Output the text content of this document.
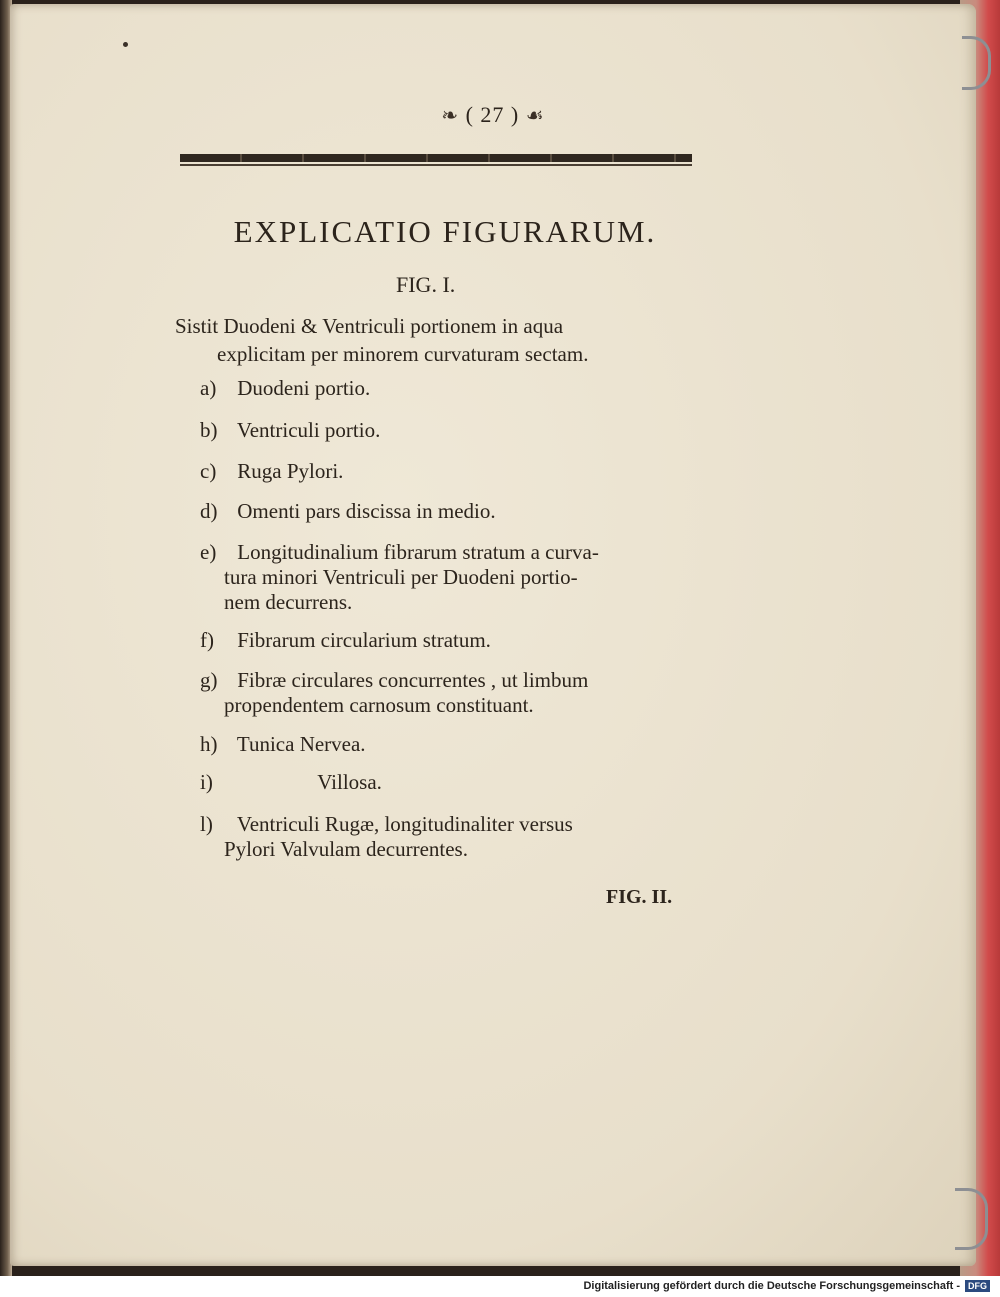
❧ ( 27 ) ☙
EXPLICATIO FIGURARUM.
FIG. I.
Sistit Duodeni & Ventriculi portionem in aqua
explicitam per minorem curvaturam sectam.
a) Duodeni portio.
b) Ventriculi portio.
c) Ruga Pylori.
d) Omenti pars discissa in medio.
e) Longitudinalium fibrarum stratum a curva-
tura minori Ventriculi per Duodeni portio-
nem decurrens.
f) Fibrarum circularium stratum.
g) Fibræ circulares concurrentes , ut limbum
propendentem carnosum constituant.
h) Tunica Nervea.
i)	Villosa.
l) Ventriculi Rugæ, longitudinaliter versus
Pylori Valvulam decurrentes.
FIG. II.
Digitalisierung gefördert durch die Deutsche Forschungsgemeinschaft - DFG
